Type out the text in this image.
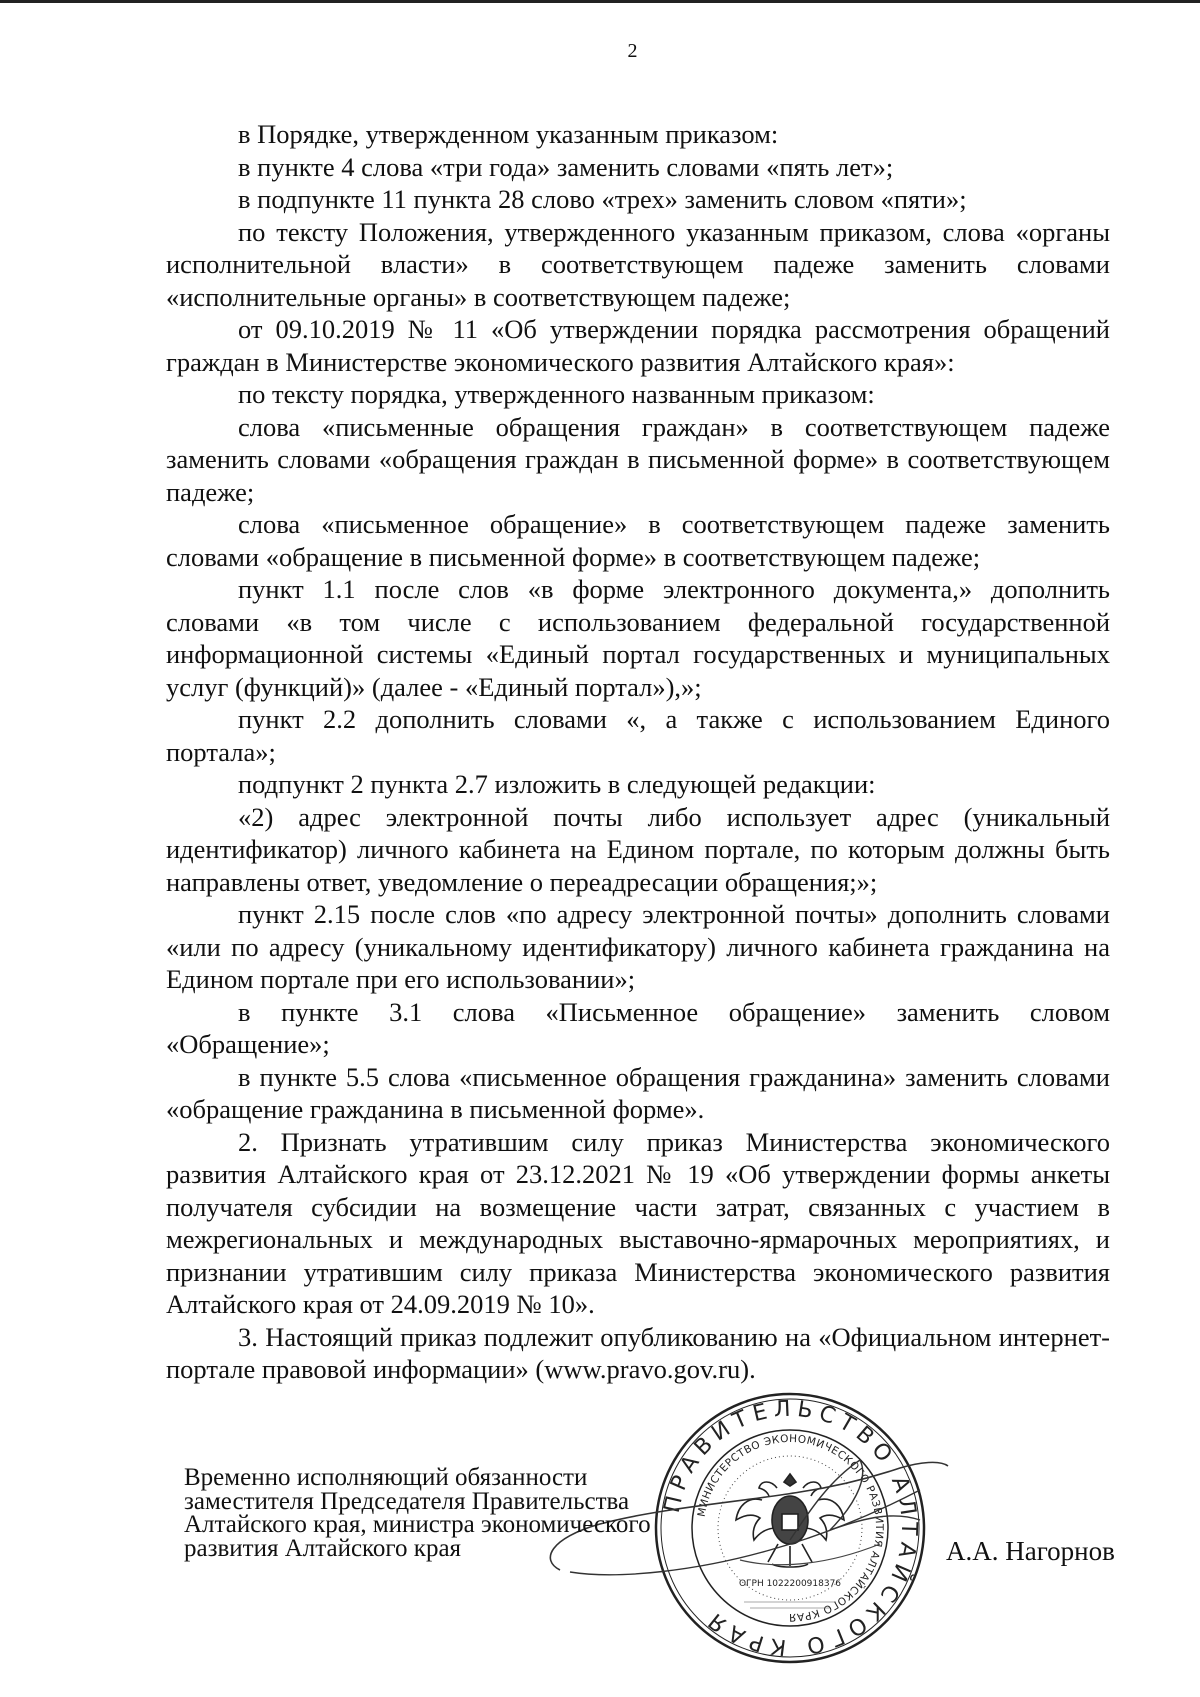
2

в Порядке, утвержденном указанным приказом:

в пункте 4 слова «три года» заменить словами «пять лет»;

в подпункте 11 пункта 28 слово «трех» заменить словом «пяти»;

по тексту Положения, утвержденного указанным приказом, слова «органы исполнительной власти» в соответствующем падеже заменить словами «исполнительные органы» в соответствующем падеже;

от 09.10.2019 № 11 «Об утверждении порядка рассмотрения обращений граждан в Министерстве экономического развития Алтайского края»:

по тексту порядка, утвержденного названным приказом:

слова «письменные обращения граждан» в соответствующем падеже заменить словами «обращения граждан в письменной форме» в соответствующем падеже;

слова «письменное обращение» в соответствующем падеже заменить словами «обращение в письменной форме» в соответствующем падеже;

пункт 1.1 после слов «в форме электронного документа,» дополнить словами «в том числе с использованием федеральной государственной информационной системы «Единый портал государственных и муниципальных услуг (функций)» (далее - «Единый портал»),»;

пункт 2.2 дополнить словами «, а также с использованием Единого портала»;

подпункт 2 пункта 2.7 изложить в следующей редакции:

«2) адрес электронной почты либо использует адрес (уникальный идентификатор) личного кабинета на Едином портале, по которым должны быть направлены ответ, уведомление о переадресации обращения;»;

пункт 2.15 после слов «по адресу электронной почты» дополнить словами «или по адресу (уникальному идентификатору) личного кабинета гражданина на Едином портале при его использовании»;

в пункте 3.1 слова «Письменное обращение» заменить словом «Обращение»;

в пункте 5.5 слова «письменное обращения гражданина» заменить словами «обращение гражданина в письменной форме».

2. Признать утратившим силу приказ Министерства экономического развития Алтайского края от 23.12.2021 № 19 «Об утверждении формы анкеты получателя субсидии на возмещение части затрат, связанных с участием в межрегиональных и международных выставочно-ярмарочных мероприятиях, и признании утратившим силу приказа Министерства экономического развития Алтайского края от 24.09.2019 № 10».

3. Настоящий приказ подлежит опубликованию на «Официальном интернет-портале правовой информации» (www.pravo.gov.ru).

ПРАВИТЕЛЬСТВО АЛТАЙСКОГО КРАЯ
МИНИСТЕРСТВО ЭКОНОМИЧЕСКОГО РАЗВИТИЯ АЛТАЙСКОГО КРАЯ
ОГРН 1022200918376
Временно исполняющий обязанности
заместителя Председателя Правительства
Алтайского края, министра экономического
развития Алтайского края	А.А. Нагорнов
